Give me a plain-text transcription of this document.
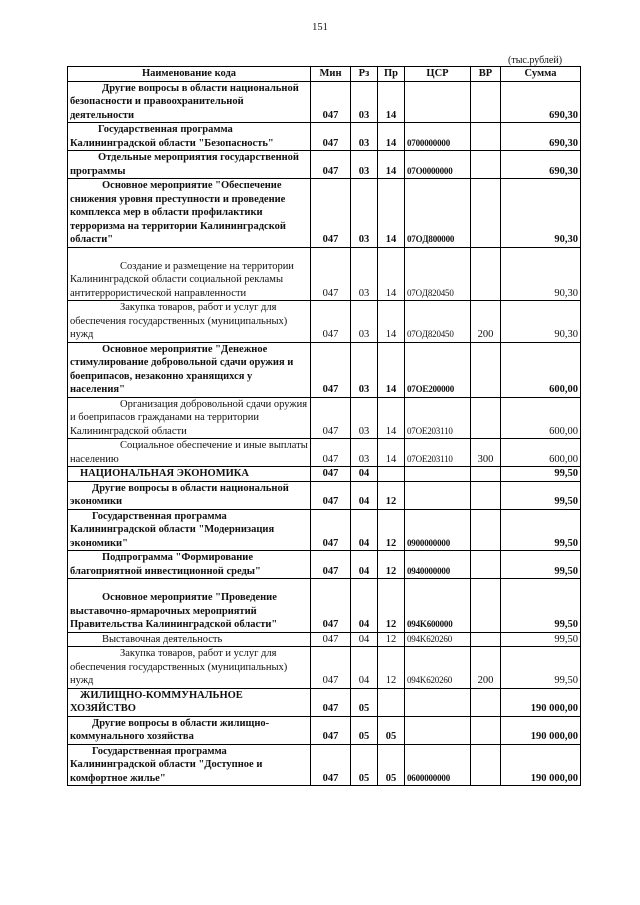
151
(тыс.рублей)
Наименование кода	Мин	Рз	Пр	ЦСР	ВР	Сумма
Другие вопросы в области национальной безопасности и правоохранительной деятельности	047	03	14			690,30
Государственная программа Калининградской области "Безопасность"	047	03	14	0700000000		690,30
Отдельные мероприятия государственной программы	047	03	14	07O0000000		690,30
Основное мероприятие "Обеспечение снижения уровня преступности и проведение комплекса мер в области профилактики терроризма на территории Калининградской области"	047	03	14	07OД800000		90,30
Создание и размещение на территории Калининградской области социальной рекламы антитеррористической направленности	047	03	14	07OД820450		90,30
Закупка товаров, работ и услуг для обеспечения государственных (муниципальных) нужд	047	03	14	07OД820450	200	90,30
Основное мероприятие "Денежное стимулирование добровольной сдачи оружия и боеприпасов, незаконно хранящихся у населения"	047	03	14	07OE200000		600,00
Организация добровольной сдачи оружия и боеприпасов гражданами на территории Калининградской области	047	03	14	07OE203110		600,00
Социальное обеспечение и иные выплаты населению	047	03	14	07OE203110	300	600,00
НАЦИОНАЛЬНАЯ ЭКОНОМИКА	047	04				99,50
Другие вопросы в области национальной экономики	047	04	12			99,50
Государственная программа Калининградской области "Модернизация экономики"	047	04	12	0900000000		99,50
Подпрограмма "Формирование благоприятной инвестиционной среды"	047	04	12	0940000000		99,50
Основное мероприятие "Проведение выставочно-ярмарочных мероприятий Правительства Калининградской области"	047	04	12	094K600000		99,50
Выставочная деятельность	047	04	12	094K620260		99,50
Закупка товаров, работ и услуг для обеспечения государственных (муниципальных) нужд	047	04	12	094K620260	200	99,50
ЖИЛИЩНО-КОММУНАЛЬНОЕ ХОЗЯЙСТВО	047	05				190 000,00
Другие вопросы в области жилищно-коммунального хозяйства	047	05	05			190 000,00
Государственная программа Калининградской области "Доступное и комфортное жилье"	047	05	05	0600000000		190 000,00
